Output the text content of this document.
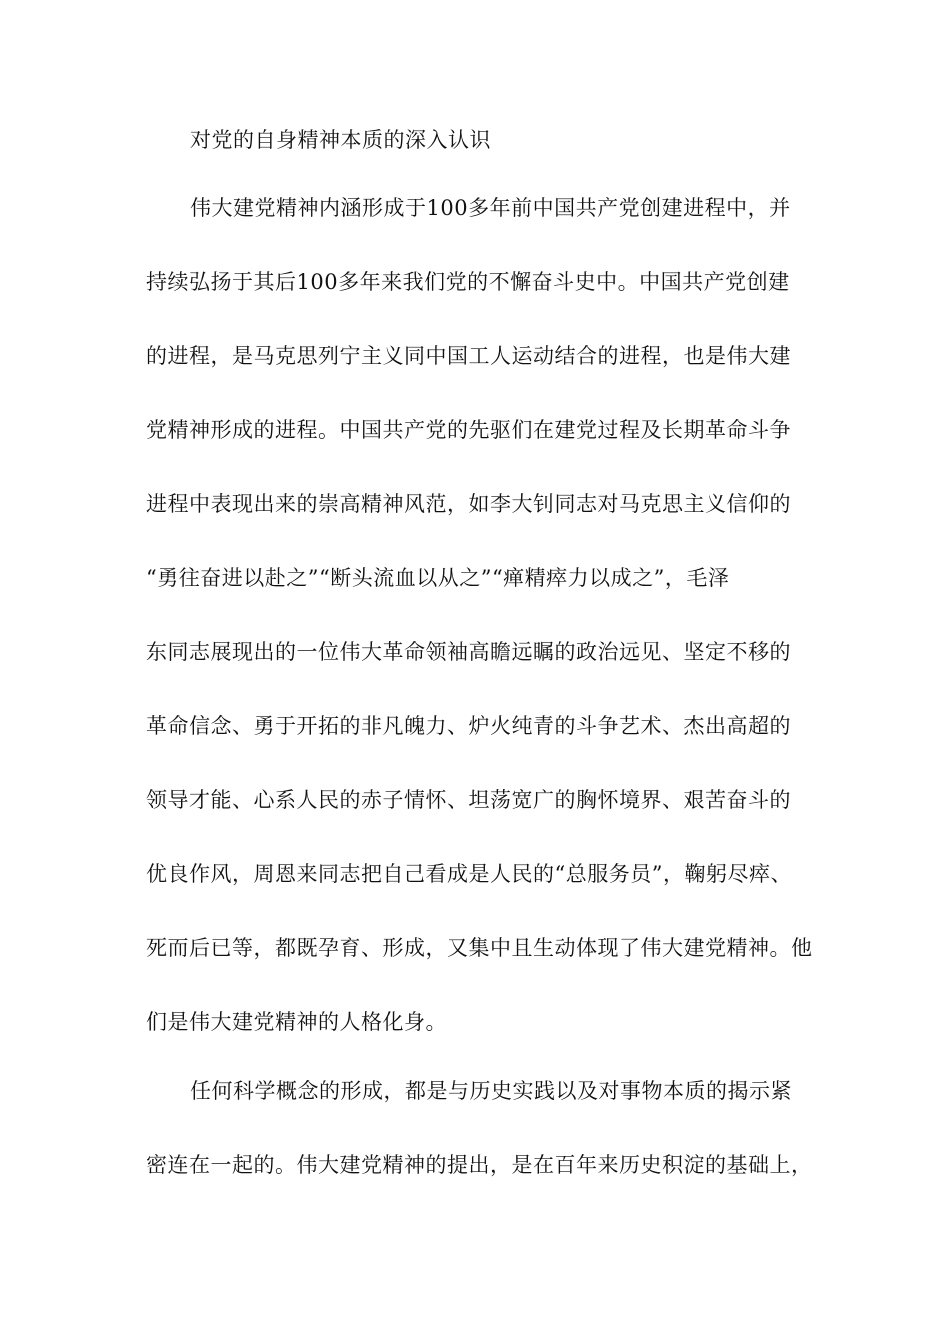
对党的自身精神本质的深入认识
伟大建党精神内涵形成于100多年前中国共产党创建进程中，并
持续弘扬于其后100多年来我们党的不懈奋斗史中。中国共产党创建
的进程，是马克思列宁主义同中国工人运动结合的进程，也是伟大建
党精神形成的进程。中国共产党的先驱们在建党过程及长期革命斗争
进程中表现出来的崇高精神风范，如李大钊同志对马克思主义信仰的
“勇往奋进以赴之”“断头流血以从之”“瘅精瘁力以成之”，毛泽
东同志展现出的一位伟大革命领袖高瞻远瞩的政治远见、坚定不移的
革命信念、勇于开拓的非凡魄力、炉火纯青的斗争艺术、杰出高超的
领导才能、心系人民的赤子情怀、坦荡宽广的胸怀境界、艰苦奋斗的
优良作风，周恩来同志把自己看成是人民的“总服务员”，鞠躬尽瘁、
死而后已等，都既孕育、形成，又集中且生动体现了伟大建党精神。他
们是伟大建党精神的人格化身。
任何科学概念的形成，都是与历史实践以及对事物本质的揭示紧
密连在一起的。伟大建党精神的提出，是在百年来历史积淀的基础上，
